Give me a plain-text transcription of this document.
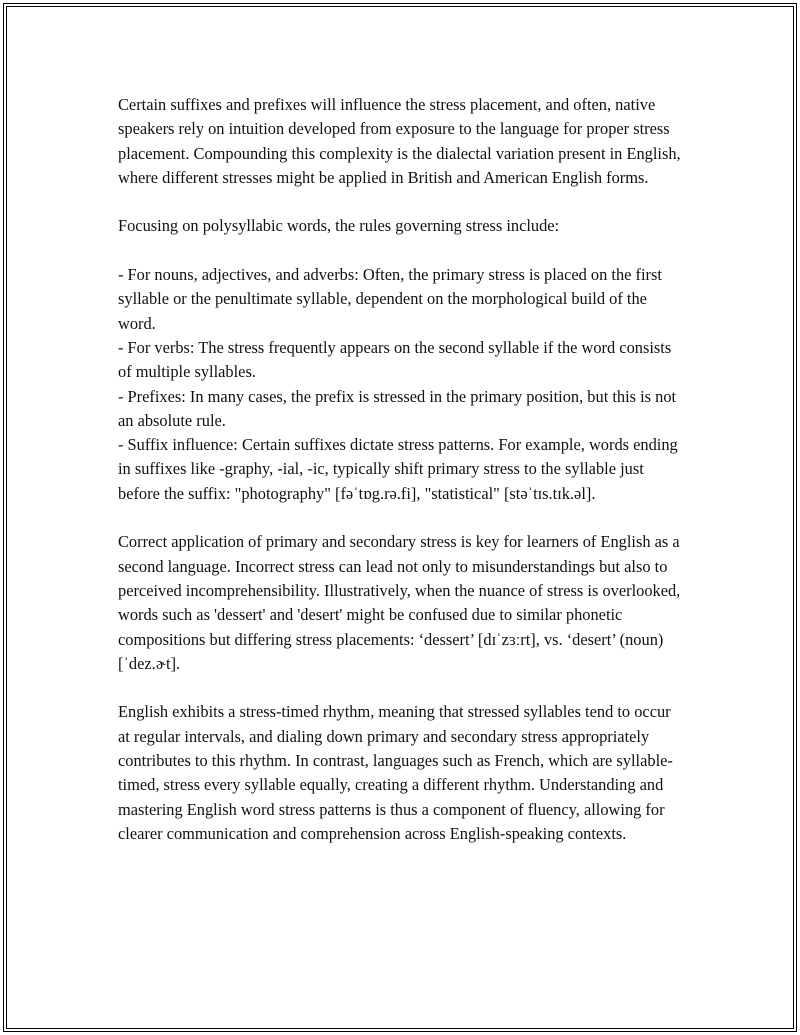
Certain suffixes and prefixes will influence the stress placement, and often, native speakers rely on intuition developed from exposure to the language for proper stress placement. Compounding this complexity is the dialectal variation present in English, where different stresses might be applied in British and American English forms.

Focusing on polysyllabic words, the rules governing stress include:

- For nouns, adjectives, and adverbs: Often, the primary stress is placed on the first syllable or the penultimate syllable, dependent on the morphological build of the word.
- For verbs: The stress frequently appears on the second syllable if the word consists of multiple syllables.
- Prefixes: In many cases, the prefix is stressed in the primary position, but this is not an absolute rule.
- Suffix influence: Certain suffixes dictate stress patterns. For example, words ending in suffixes like -graphy, -ial, -ic, typically shift primary stress to the syllable just before the suffix: "photography" [fəˈtɒg.rə.fi], "statistical" [stəˈtɪs.tɪk.əl].

Correct application of primary and secondary stress is key for learners of English as a second language. Incorrect stress can lead not only to misunderstandings but also to perceived incomprehensibility. Illustratively, when the nuance of stress is overlooked, words such as 'dessert' and 'desert' might be confused due to similar phonetic compositions but differing stress placements: ‘dessert’ [dɪˈzɜːrt], vs. ‘desert’ (noun) [ˈdez.ɚt].

English exhibits a stress-timed rhythm, meaning that stressed syllables tend to occur at regular intervals, and dialing down primary and secondary stress appropriately contributes to this rhythm. In contrast, languages such as French, which are syllable-timed, stress every syllable equally, creating a different rhythm. Understanding and mastering English word stress patterns is thus a component of fluency, allowing for clearer communication and comprehension across English-speaking contexts.
